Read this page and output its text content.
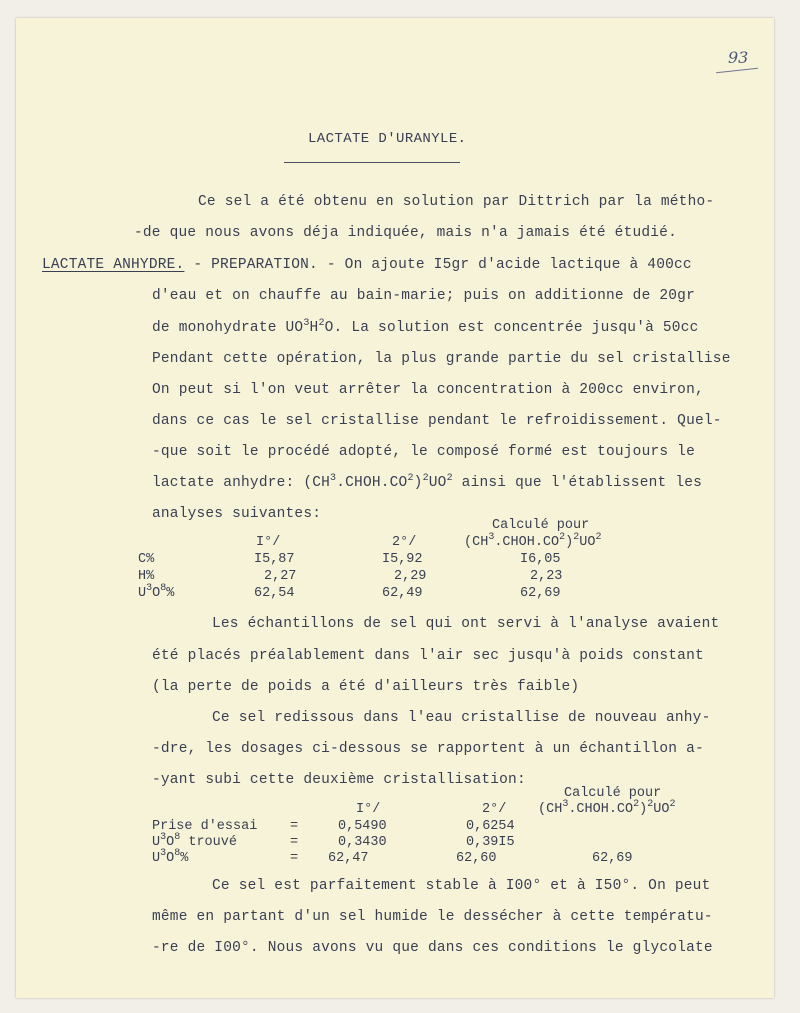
93
LACTATE D'URANYLE.
Ce sel a été obtenu en solution par Dittrich par la métho-
-de que nous avons déja indiquée, mais n'a jamais été étudié.
LACTATE ANHYDRE. - PREPARATION. - On ajoute I5gr d'acide lactique à 400cc
d'eau et on chauffe au bain-marie; puis on additionne de 20gr
de monohydrate $UO^3H^2O$. La solution est concentrée jusqu'à 50cc
Pendant cette opération, la plus grande partie du sel cristallise
On peut si l'on veut arrêter la concentration à 200cc environ,
dans ce cas le sel cristallise pendant le refroidissement. Quel-
-que soit le procédé adopté, le composé formé est toujours le
lactate anhydre: $(CH^3.CHOH.CO^2)^2UO^2$ ainsi que l'établissent les
analyses suivantes:
Calculé pour
I°/	2°/	$(CH^3.CHOH.CO^2)^2UO^2$
C%	I5,87	I5,92	I6,05
H%	2,27	2,29	2,23
$U^3O^8\%$	62,54	62,49	62,69
Les échantillons de sel qui ont servi à l'analyse avaient
été placés préalablement dans l'air sec jusqu'à poids constant
(la perte de poids a été d'ailleurs très faible)
Ce sel redissous dans l'eau cristallise de nouveau anhy-
-dre, les dosages ci-dessous se rapportent à un échantillon a-
-yant subi cette deuxième cristallisation:
Calculé pour
I°/	2°/ $(CH^3.CHOH.CO^2)^2UO^2$
Prise d'essai =	0,5490	0,6254
$U^3O^8$ trouvé	=	0,3430	0,39I5
$U^3O^8\%$	= 62,47	62,60	62,69
Ce sel est parfaitement stable à I00° et à I50°. On peut
même en partant d'un sel humide le dessécher à cette températu-
-re de I00°. Nous avons vu que dans ces conditions le glycolate
